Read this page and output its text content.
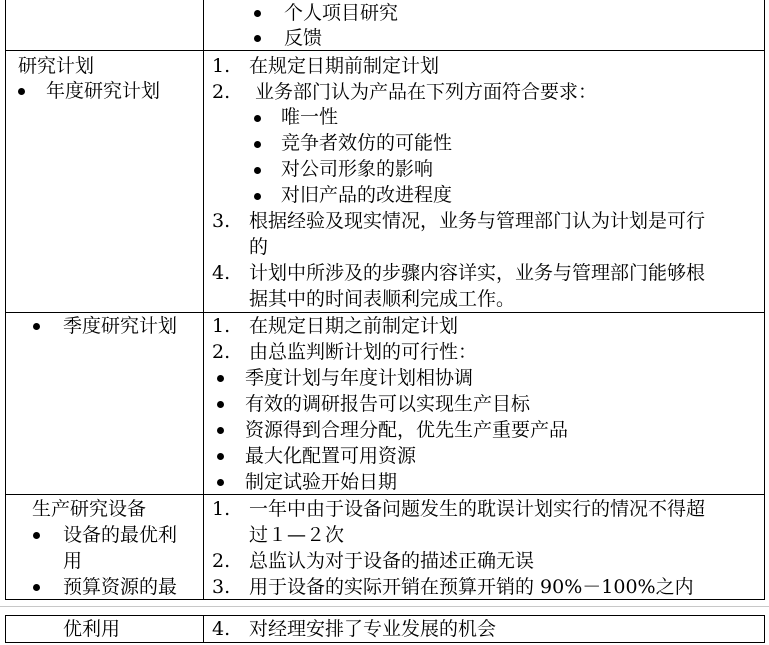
个人项目研究
反馈
研究计划
年度研究计划
1. 在规定日期前制定计划
2. 业务部门认为产品在下列方面符合要求：
唯一性
竞争者效仿的可能性
对公司形象的影响
对旧产品的改进程度
3. 根据经验及现实情况，业务与管理部门认为计划是可行
的
4. 计划中所涉及的步骤内容详实，业务与管理部门能够根
据其中的时间表顺利完成工作。
季度研究计划 1. 在规定日期之前制定计划
2. 由总监判断计划的可行性：
季度计划与年度计划相协调
有效的调研报告可以实现生产目标
资源得到合理分配，优先生产重要产品
最大化配置可用资源
制定试验开始日期
生产研究设备
设备的最优利
用
预算资源的最
1. 一年中由于设备问题发生的耽误计划实行的情况不得超
过１—２次
2. 总监认为对于设备的描述正确无误
3. 用于设备的实际开销在预算开销的 90%－100%之内
优利用	4. 对经理安排了专业发展的机会
